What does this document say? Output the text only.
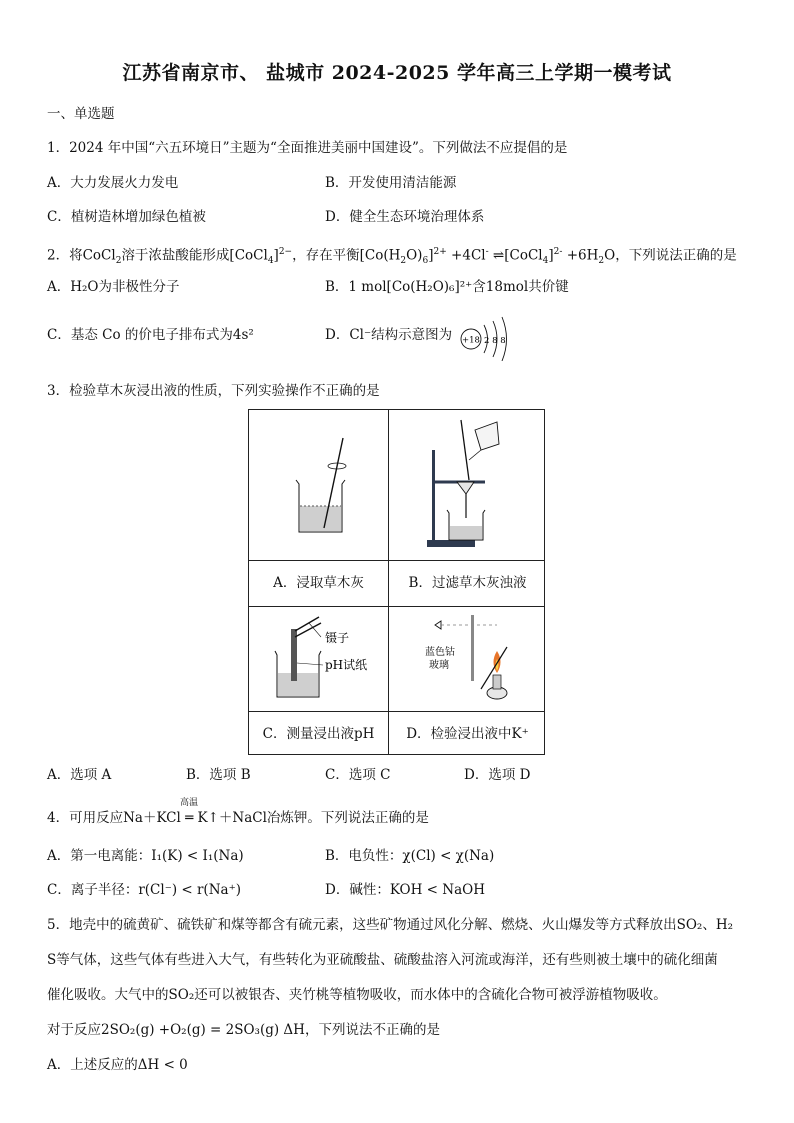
江苏省南京市、 盐城市 2024-2025 学年高三上学期一模考试
一、单选题
1．2024 年中国“六五环境日”主题为“全面推进美丽中国建设”。下列做法不应提倡的是
A．大力发展火力发电	B．开发使用清洁能源
C．植树造林增加绿色植被	D．健全生态环境治理体系
2．将CoCl$_2$溶于浓盐酸能形成[CoCl$_4$]$^{2-}$，存在平衡$[Co(H_2O)_6]^{2+} +4Cl^-$ ⇌[CoCl$_4$]$^{2-}$ $+6H_2O$，下列说法正确的是
A．H₂O为非极性分子	B．1 mol[Co(H₂O)₆]²⁺含18mol共价键
C．基态 Co 的价电子排布式为4s²	D．Cl⁻结构示意图为 +18 2 8 8
3．检验草木灰浸出液的性质，下列实验操作不正确的是
A．浸取草木灰	B．过滤草木灰浊液
镊子
pH试纸
蓝色钴
玻璃
C．测量浸出液pH	D．检验浸出液中K⁺
A．选项 A	B．选项 B	C．选项 C	D．选项 D
高温
4．可用反应Na＋KCl ═ K↑＋NaCl冶炼钾。下列说法正确的是
A．第一电离能：I₁(K) < I₁(Na)	B．电负性：χ(Cl) < χ(Na)
C．离子半径：r(Cl⁻) < r(Na⁺)	D．碱性：KOH < NaOH
5．地壳中的硫黄矿、硫铁矿和煤等都含有硫元素，这些矿物通过风化分解、燃烧、火山爆发等方式释放出SO₂、H₂
S等气体，这些气体有些进入大气，有些转化为亚硫酸盐、硫酸盐溶入河流或海洋，还有些则被土壤中的硫化细菌
催化吸收。大气中的SO₂还可以被银杏、夹竹桃等植物吸收，而水体中的含硫化合物可被浮游植物吸收。
对于反应2SO₂(g) +O₂(g) = 2SO₃(g) ΔH，下列说法不正确的是
A．上述反应的ΔH < 0
